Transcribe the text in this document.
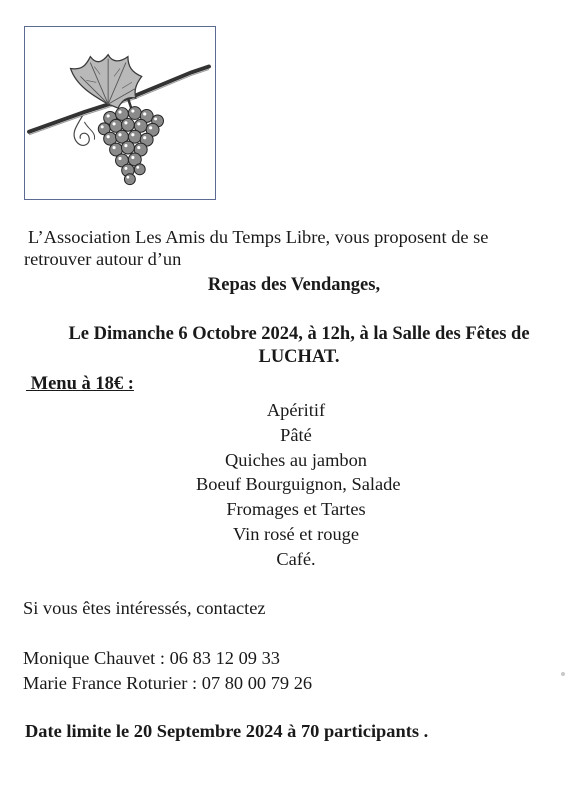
L’Association Les Amis du Temps Libre, vous proposent de se
retrouver autour d’un
Repas des Vendanges,
Le Dimanche 6 Octobre 2024, à 12h, à la Salle des Fêtes de
LUCHAT.
Menu à 18€ :
Apéritif
Pâté
Quiches au jambon
Boeuf Bourguignon, Salade
Fromages et Tartes
Vin rosé et rouge
Café.
Si vous êtes intéressés, contactez
Monique Chauvet : 06 83 12 09 33
Marie France Roturier : 07 80 00 79 26
Date limite le 20 Septembre 2024 à 70 participants .
